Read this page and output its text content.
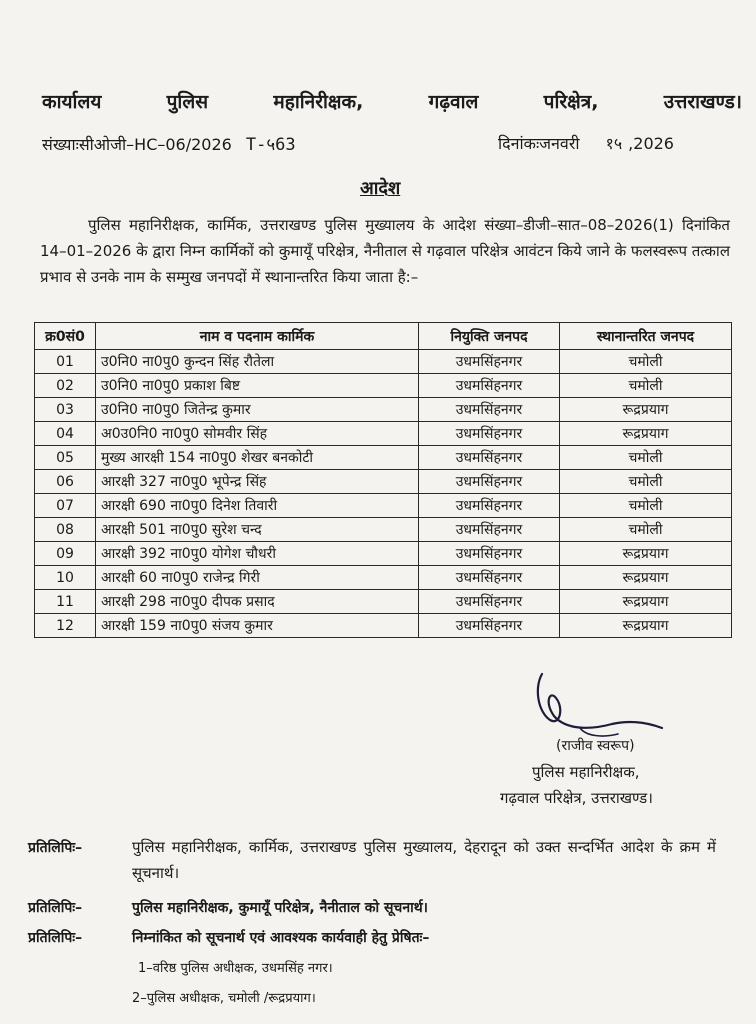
कार्यालय	पुलिस	महानिरीक्षक,	गढ़वाल	परिक्षेत्र,	उत्तराखण्ड।
संख्याःसीओजी–HC–06/2026 T-५63	दिनांकःजनवरी १५ ,2026
आदेश
पुलिस महानिरीक्षक, कार्मिक, उत्तराखण्ड पुलिस मुख्यालय के आदेश संख्या–डीजी–सात–08–2026(1) दिनांकित 14–01–2026 के द्वारा निम्न कार्मिकों को कुमायूँ परिक्षेत्र, नैनीताल से गढ़वाल परिक्षेत्र आवंटन किये जाने के फलस्वरूप तत्काल प्रभाव से उनके नाम के सम्मुख जनपदों में स्थानान्तरित किया जाता है:–
क्र0सं0	नाम व पदनाम कार्मिक	नियुक्ति जनपद	स्थानान्तरित जनपद
01	उ0नि0 ना0पु0 कुन्दन सिंह रौतेला	उधमसिंहनगर	चमोली
02	उ0नि0 ना0पु0 प्रकाश बिष्ट	उधमसिंहनगर	चमोली
03	उ0नि0 ना0पु0 जितेन्द्र कुमार	उधमसिंहनगर	रूद्रप्रयाग
04	अ0उ0नि0 ना0पु0 सोमवीर सिंह	उधमसिंहनगर	रूद्रप्रयाग
05	मुख्य आरक्षी 154 ना0पु0 शेखर बनकोटी	उधमसिंहनगर	चमोली
06	आरक्षी 327 ना0पु0 भूपेन्द्र सिंह	उधमसिंहनगर	चमोली
07	आरक्षी 690 ना0पु0 दिनेश तिवारी	उधमसिंहनगर	चमोली
08	आरक्षी 501 ना0पु0 सुरेश चन्द	उधमसिंहनगर	चमोली
09	आरक्षी 392 ना0पु0 योगेश चौधरी	उधमसिंहनगर	रूद्रप्रयाग
10	आरक्षी 60 ना0पु0 राजेन्द्र गिरी	उधमसिंहनगर	रूद्रप्रयाग
11	आरक्षी 298 ना0पु0 दीपक प्रसाद	उधमसिंहनगर	रूद्रप्रयाग
12	आरक्षी 159 ना0पु0 संजय कुमार	उधमसिंहनगर	रूद्रप्रयाग
(राजीव स्वरूप)
पुलिस महानिरीक्षक,
गढ़वाल परिक्षेत्र, उत्तराखण्ड।
प्रतिलिपिः–	पुलिस महानिरीक्षक, कार्मिक, उत्तराखण्ड पुलिस मुख्यालय, देहरादून को उक्त सन्दर्भित आदेश के क्रम में सूचनार्थ।
प्रतिलिपिः–	पुलिस महानिरीक्षक, कुमायूँ परिक्षेत्र, नैनीताल को सूचनार्थ।
प्रतिलिपिः–	निम्नांकित को सूचनार्थ एवं आवश्यक कार्यवाही हेतु प्रेषितः–
1–वरिष्ठ पुलिस अधीक्षक, उधमसिंह नगर।
2–पुलिस अधीक्षक, चमोली /रूद्रप्रयाग।
